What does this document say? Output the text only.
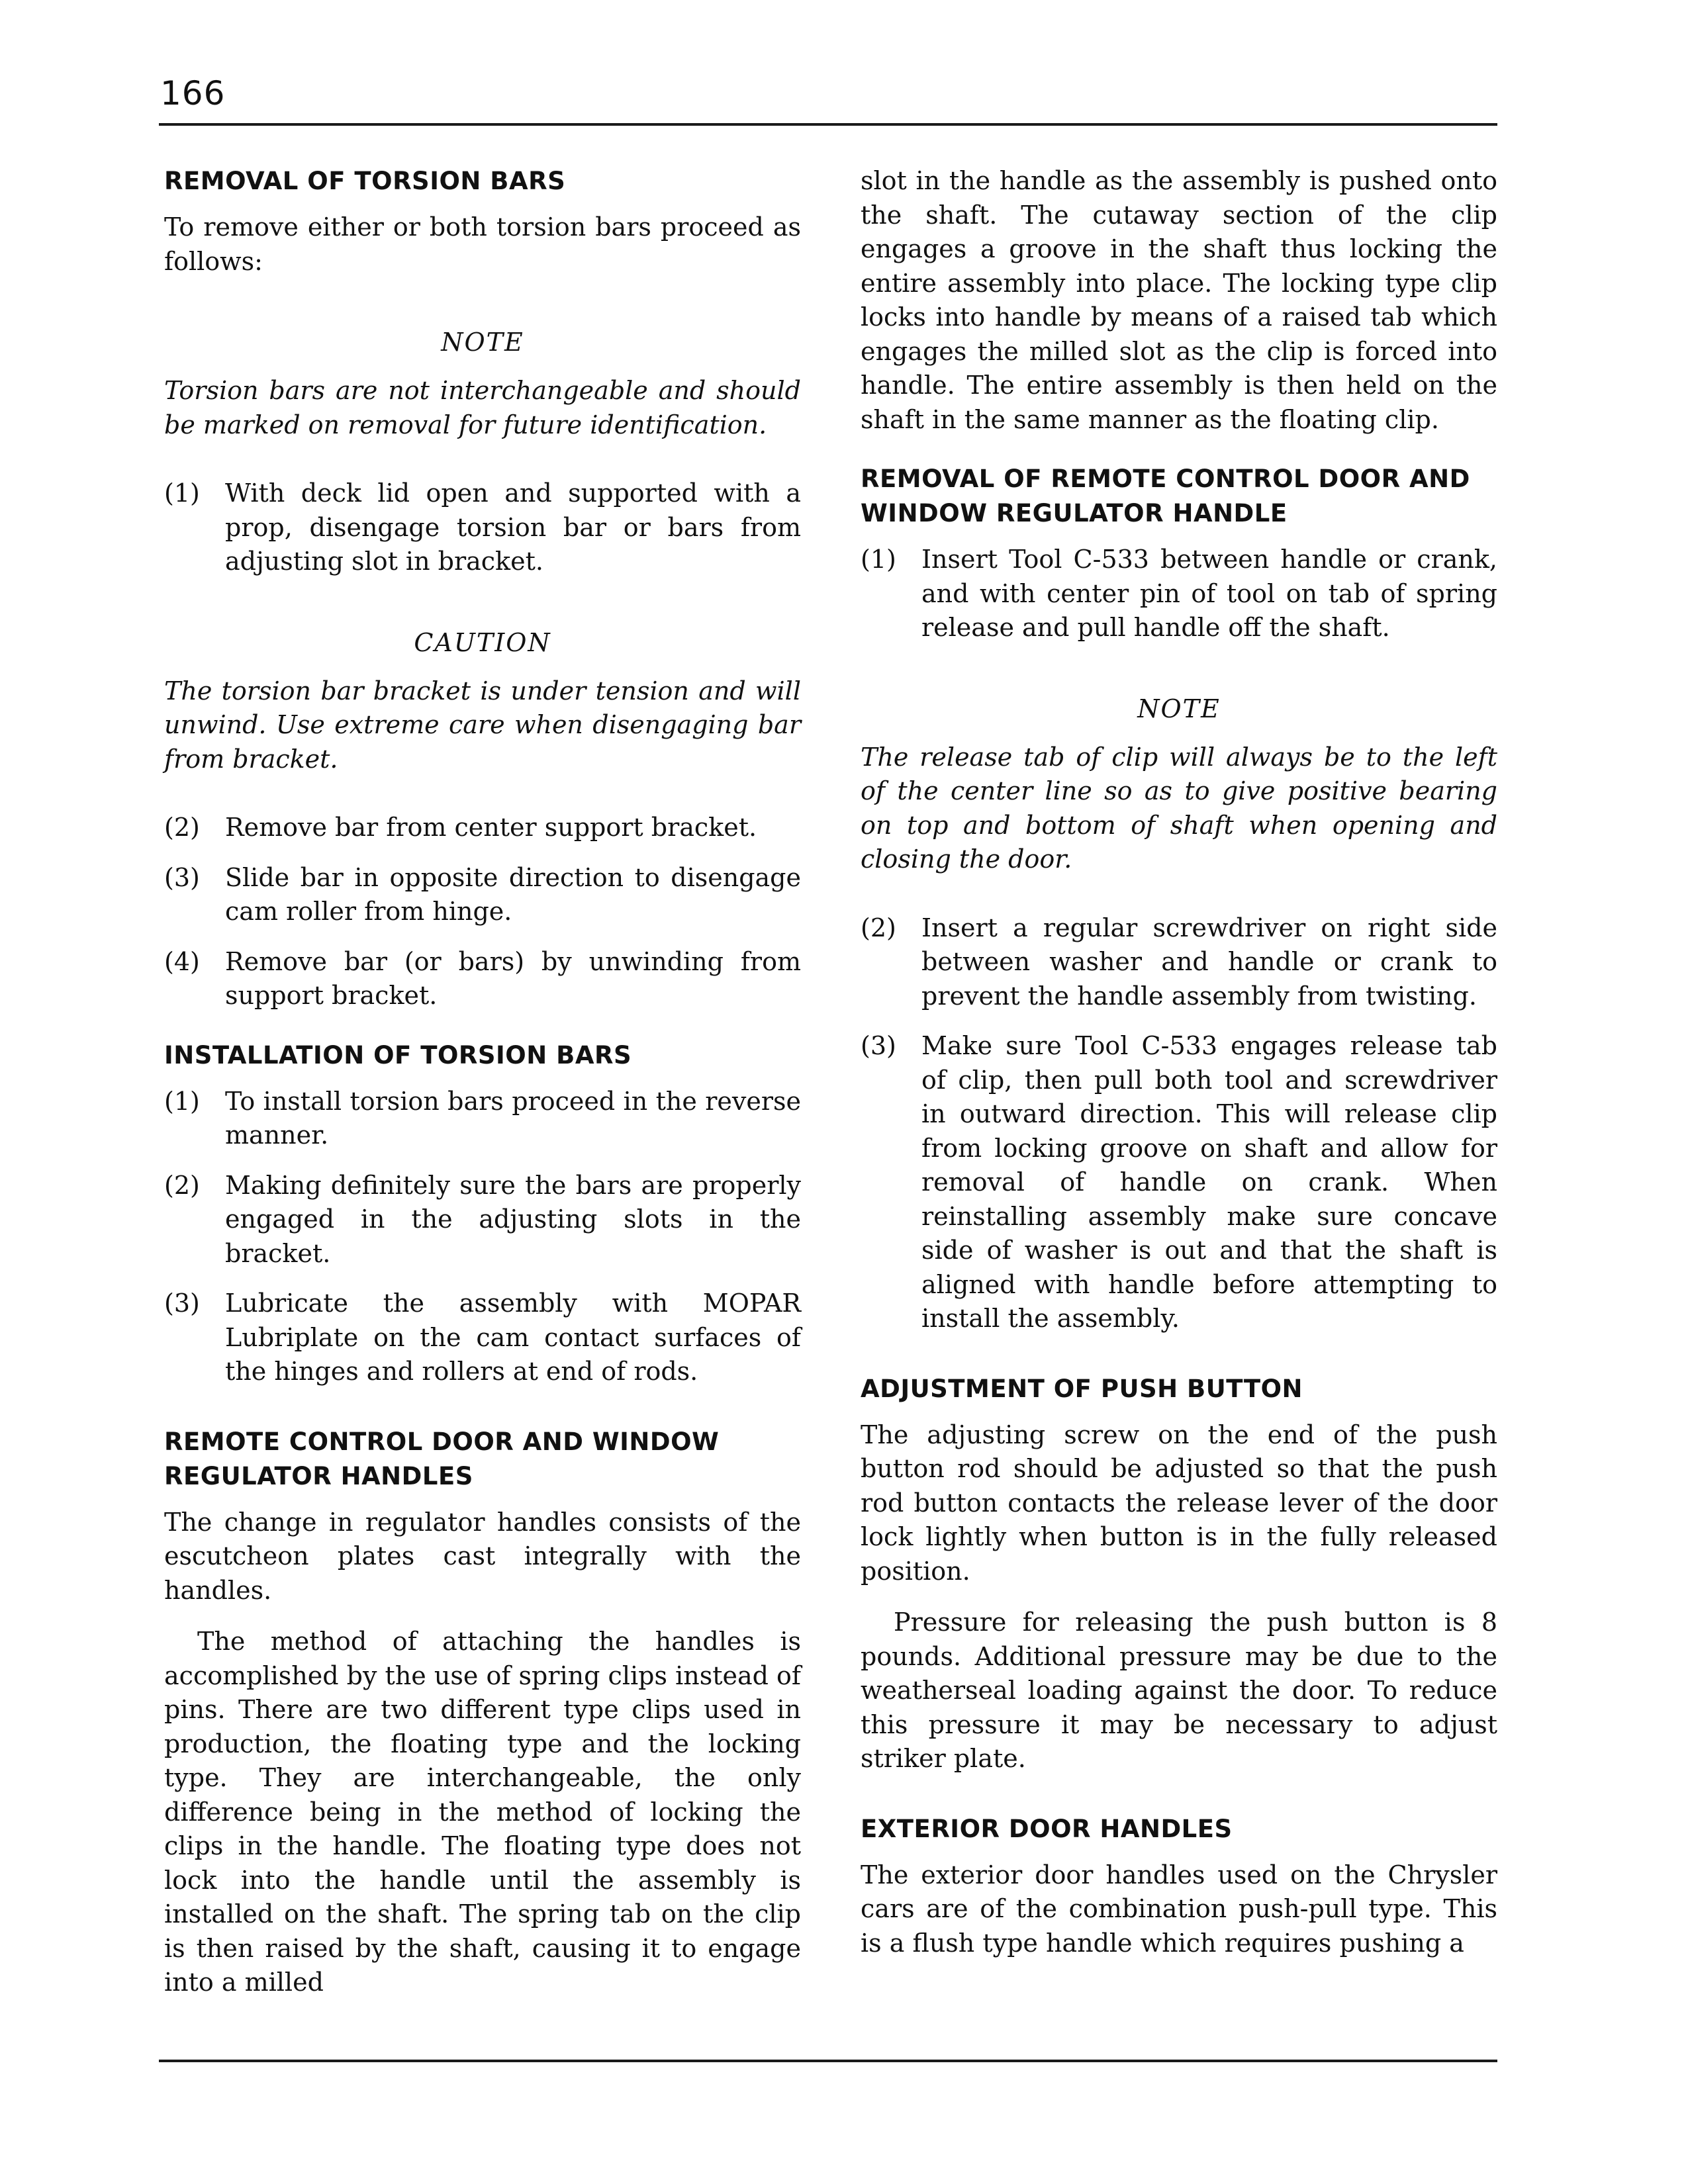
166
REMOVAL OF TORSION BARS

To remove either or both torsion bars proceed as follows:

NOTE
Torsion bars are not interchangeable and should be marked on removal for future identification.
(1)	With deck lid open and supported with a prop, disengage torsion bar or bars from adjusting slot in bracket.
CAUTION
The torsion bar bracket is under tension and will unwind. Use extreme care when disengaging bar from bracket.
(2)	Remove bar from center support bracket.
(3)	Slide bar in opposite direction to disengage cam roller from hinge.
(4)	Remove bar (or bars) by unwinding from support bracket.
INSTALLATION OF TORSION BARS
(1)	To install torsion bars proceed in the reverse manner.
(2)	Making definitely sure the bars are properly engaged in the adjusting slots in the bracket.
(3)	Lubricate the assembly with MOPAR Lubriplate on the cam contact surfaces of the hinges and rollers at end of rods.
REMOTE CONTROL DOOR AND WINDOW REGULATOR HANDLES

The change in regulator handles consists of the escutcheon plates cast integrally with the handles.

The method of attaching the handles is accomplished by the use of spring clips instead of pins. There are two different type clips used in production, the floating type and the locking type. They are interchangeable, the only difference being in the method of locking the clips in the handle. The floating type does not lock into the handle until the assembly is installed on the shaft. The spring tab on the clip is then raised by the shaft, causing it to engage into a milled

slot in the handle as the assembly is pushed onto the shaft. The cutaway section of the clip engages a groove in the shaft thus locking the entire assembly into place. The locking type clip locks into handle by means of a raised tab which engages the milled slot as the clip is forced into handle. The entire assembly is then held on the shaft in the same manner as the floating clip.

REMOVAL OF REMOTE CONTROL DOOR AND WINDOW REGULATOR HANDLE
(1)	Insert Tool C-533 between handle or crank, and with center pin of tool on tab of spring release and pull handle off the shaft.
NOTE
The release tab of clip will always be to the left of the center line so as to give positive bearing on top and bottom of shaft when opening and closing the door.
(2)	Insert a regular screwdriver on right side between washer and handle or crank to prevent the handle assembly from twisting.
(3)	Make sure Tool C-533 engages release tab of clip, then pull both tool and screwdriver in outward direction. This will release clip from locking groove on shaft and allow for removal of handle on crank. When reinstalling assembly make sure concave side of washer is out and that the shaft is aligned with handle before attempting to install the assembly.
ADJUSTMENT OF PUSH BUTTON

The adjusting screw on the end of the push button rod should be adjusted so that the push rod button contacts the release lever of the door lock lightly when button is in the fully released position.

Pressure for releasing the push button is 8 pounds. Additional pressure may be due to the weatherseal loading against the door. To reduce this pressure it may be necessary to adjust striker plate.

EXTERIOR DOOR HANDLES

The exterior door handles used on the Chrysler cars are of the combination push-pull type. This is a flush type handle which requires pushing a
